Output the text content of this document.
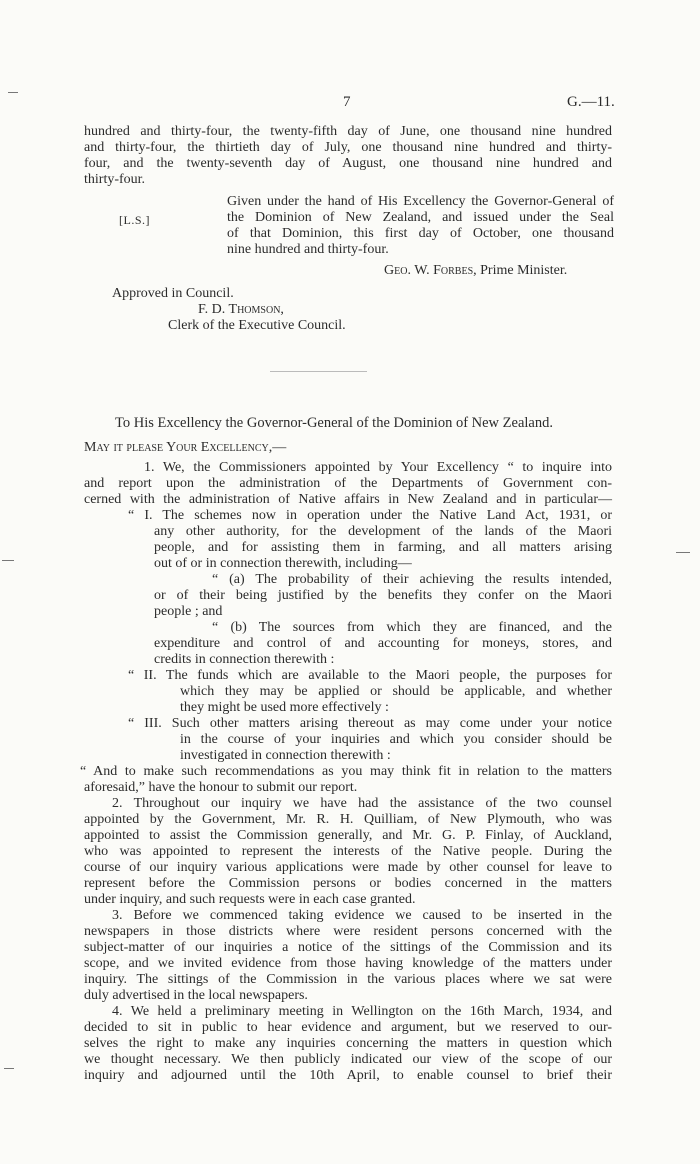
7	G.—11.
hundred and thirty-four, the twenty-fifth day of June, one thousand nine hundred
and thirty-four, the thirtieth day of July, one thousand nine hundred and thirty-
four, and the twenty-seventh day of August, one thousand nine hundred and
thirty-four.
[L.S.]
Given under the hand of His Excellency the Governor-General of
the Dominion of New Zealand, and issued under the Seal
of that Dominion, this first day of October, one thousand
nine hundred and thirty-four.
Geo. W. Forbes, Prime Minister.
Approved in Council.
F. D. Thomson,
Clerk of the Executive Council.
To His Excellency the Governor-General of the Dominion of New Zealand.
May it please Your Excellency,—
1. We, the Commissioners appointed by Your Excellency “ to inquire into
and report upon the administration of the Departments of Government con-
cerned with the administration of Native affairs in New Zealand and in particular—
“ I. The schemes now in operation under the Native Land Act, 1931, or
any other authority, for the development of the lands of the Maori
people, and for assisting them in farming, and all matters arising
out of or in connection therewith, including—
“ (a) The probability of their achieving the results intended,
or of their being justified by the benefits they confer on the Maori
people ; and
“ (b) The sources from which they are financed, and the
expenditure and control of and accounting for moneys, stores, and
credits in connection therewith :
“ II. The funds which are available to the Maori people, the purposes for
which they may be applied or should be applicable, and whether
they might be used more effectively :
“ III. Such other matters arising thereout as may come under your notice
in the course of your inquiries and which you consider should be
investigated in connection therewith :
“ And to make such recommendations as you may think fit in relation to the matters
aforesaid,” have the honour to submit our report.
2. Throughout our inquiry we have had the assistance of the two counsel
appointed by the Government, Mr. R. H. Quilliam, of New Plymouth, who was
appointed to assist the Commission generally, and Mr. G. P. Finlay, of Auckland,
who was appointed to represent the interests of the Native people. During the
course of our inquiry various applications were made by other counsel for leave to
represent before the Commission persons or bodies concerned in the matters
under inquiry, and such requests were in each case granted.
3. Before we commenced taking evidence we caused to be inserted in the
newspapers in those districts where were resident persons concerned with the
subject-matter of our inquiries a notice of the sittings of the Commission and its
scope, and we invited evidence from those having knowledge of the matters under
inquiry. The sittings of the Commission in the various places where we sat were
duly advertised in the local newspapers.
4. We held a preliminary meeting in Wellington on the 16th March, 1934, and
decided to sit in public to hear evidence and argument, but we reserved to our-
selves the right to make any inquiries concerning the matters in question which
we thought necessary. We then publicly indicated our view of the scope of our
inquiry and adjourned until the 10th April, to enable counsel to brief their
